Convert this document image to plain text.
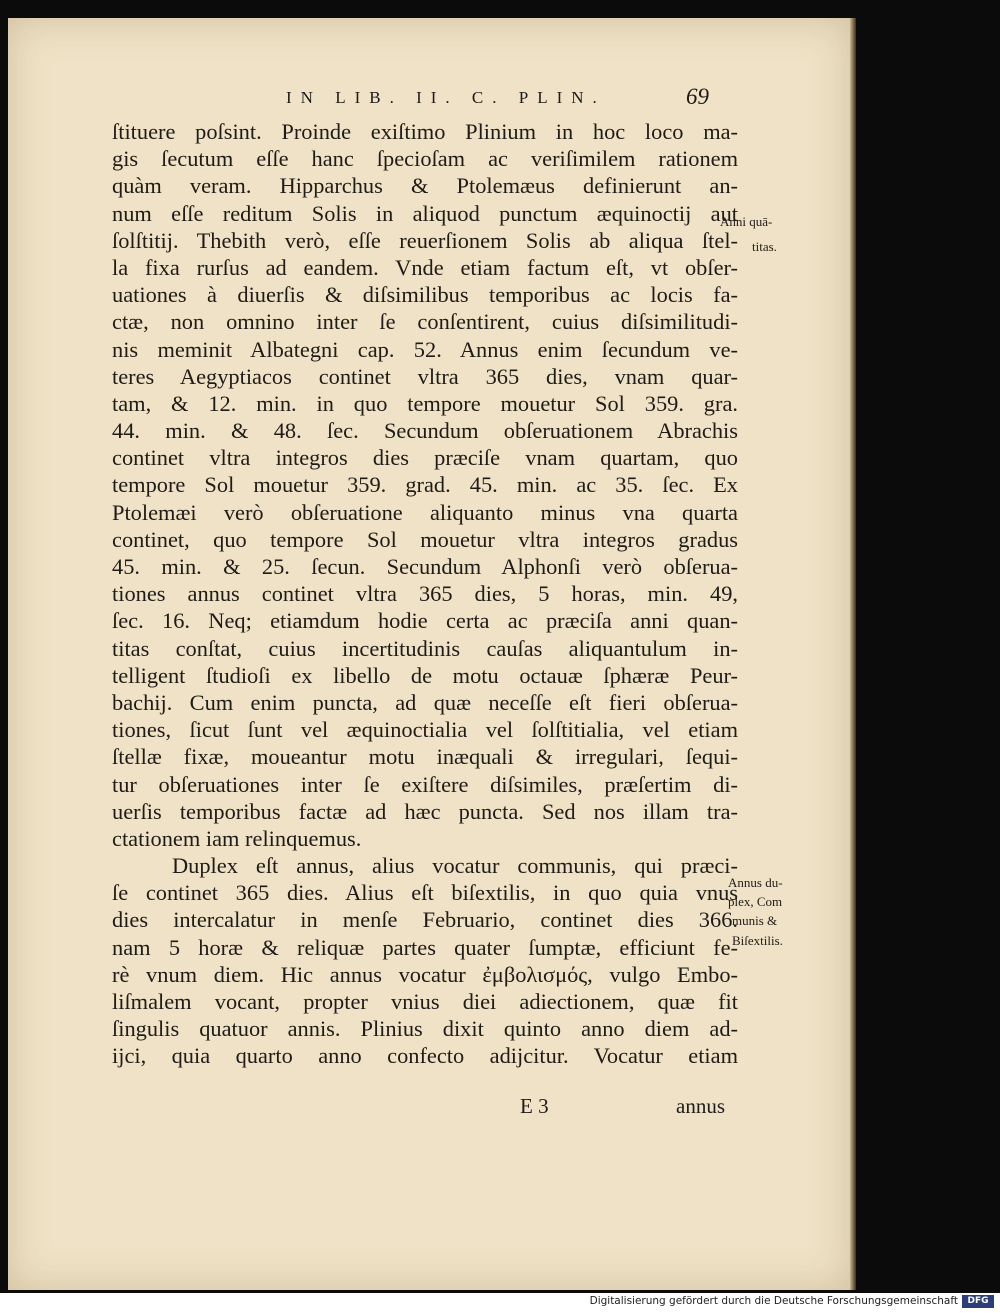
IN LIB. II. C. PLIN.	69
ſtituere poſsint. Proinde exiſtimo Plinium in hoc loco ma-
gis ſecutum eſſe hanc ſpecioſam ac veriſimilem rationem
quàm veram. Hipparchus & Ptolemæus definierunt an-
num eſſe reditum Solis in aliquod punctum æquinoctij aut
ſolſtitij. Thebith verò, eſſe reuerſionem Solis ab aliqua ſtel-
la fixa rurſus ad eandem. Vnde etiam factum eſt, vt obſer-
uationes à diuerſis & diſsimilibus temporibus ac locis fa-
ctæ, non omnino inter ſe conſentirent, cuius diſsimilitudi-
nis meminit Albategni cap. 52. Annus enim ſecundum ve-
teres Aegyptiacos continet vltra 365 dies, vnam quar-
tam, & 12. min. in quo tempore mouetur Sol 359. gra.
44. min. & 48. ſec. Secundum obſeruationem Abrachis
continet vltra integros dies præciſe vnam quartam, quo
tempore Sol mouetur 359. grad. 45. min. ac 35. ſec. Ex
Ptolemæi verò obſeruatione aliquanto minus vna quarta
continet, quo tempore Sol mouetur vltra integros gradus
45. min. & 25. ſecun. Secundum Alphonſi verò obſerua-
tiones annus continet vltra 365 dies, 5 horas, min. 49,
ſec. 16. Neq; etiamdum hodie certa ac præciſa anni quan-
titas conſtat, cuius incertitudinis cauſas aliquantulum in-
telligent ſtudioſi ex libello de motu octauæ ſphæræ Peur-
bachij. Cum enim puncta, ad quæ neceſſe eſt fieri obſerua-
tiones, ſicut ſunt vel æquinoctialia vel ſolſtitialia, vel etiam
ſtellæ fixæ, moueantur motu inæquali & irregulari, ſequi-
tur obſeruationes inter ſe exiſtere diſsimiles, præſertim di-
uerſis temporibus factæ ad hæc puncta. Sed nos illam tra-
ctationem iam relinquemus.
Duplex eſt annus, alius vocatur communis, qui præci-
ſe continet 365 dies. Alius eſt biſextilis, in quo quia vnus
dies intercalatur in menſe Februario, continet dies 366.
nam 5 horæ & reliquæ partes quater ſumptæ, efficiunt fe-
rè vnum diem. Hic annus vocatur ἐμβολισμός, vulgo Embo-
liſmalem vocant, propter vnius diei adiectionem, quæ fit
ſingulis quatuor annis. Plinius dixit quinto anno diem ad-
ijci, quia quarto anno confecto adijcitur. Vocatur etiam
Anni quā-
titas.
Annus du-
plex, Com
munis &
Biſextilis.
E 3	annus
Digitalisierung gefördert durch die Deutsche Forschungsgemeinschaft	DFG
